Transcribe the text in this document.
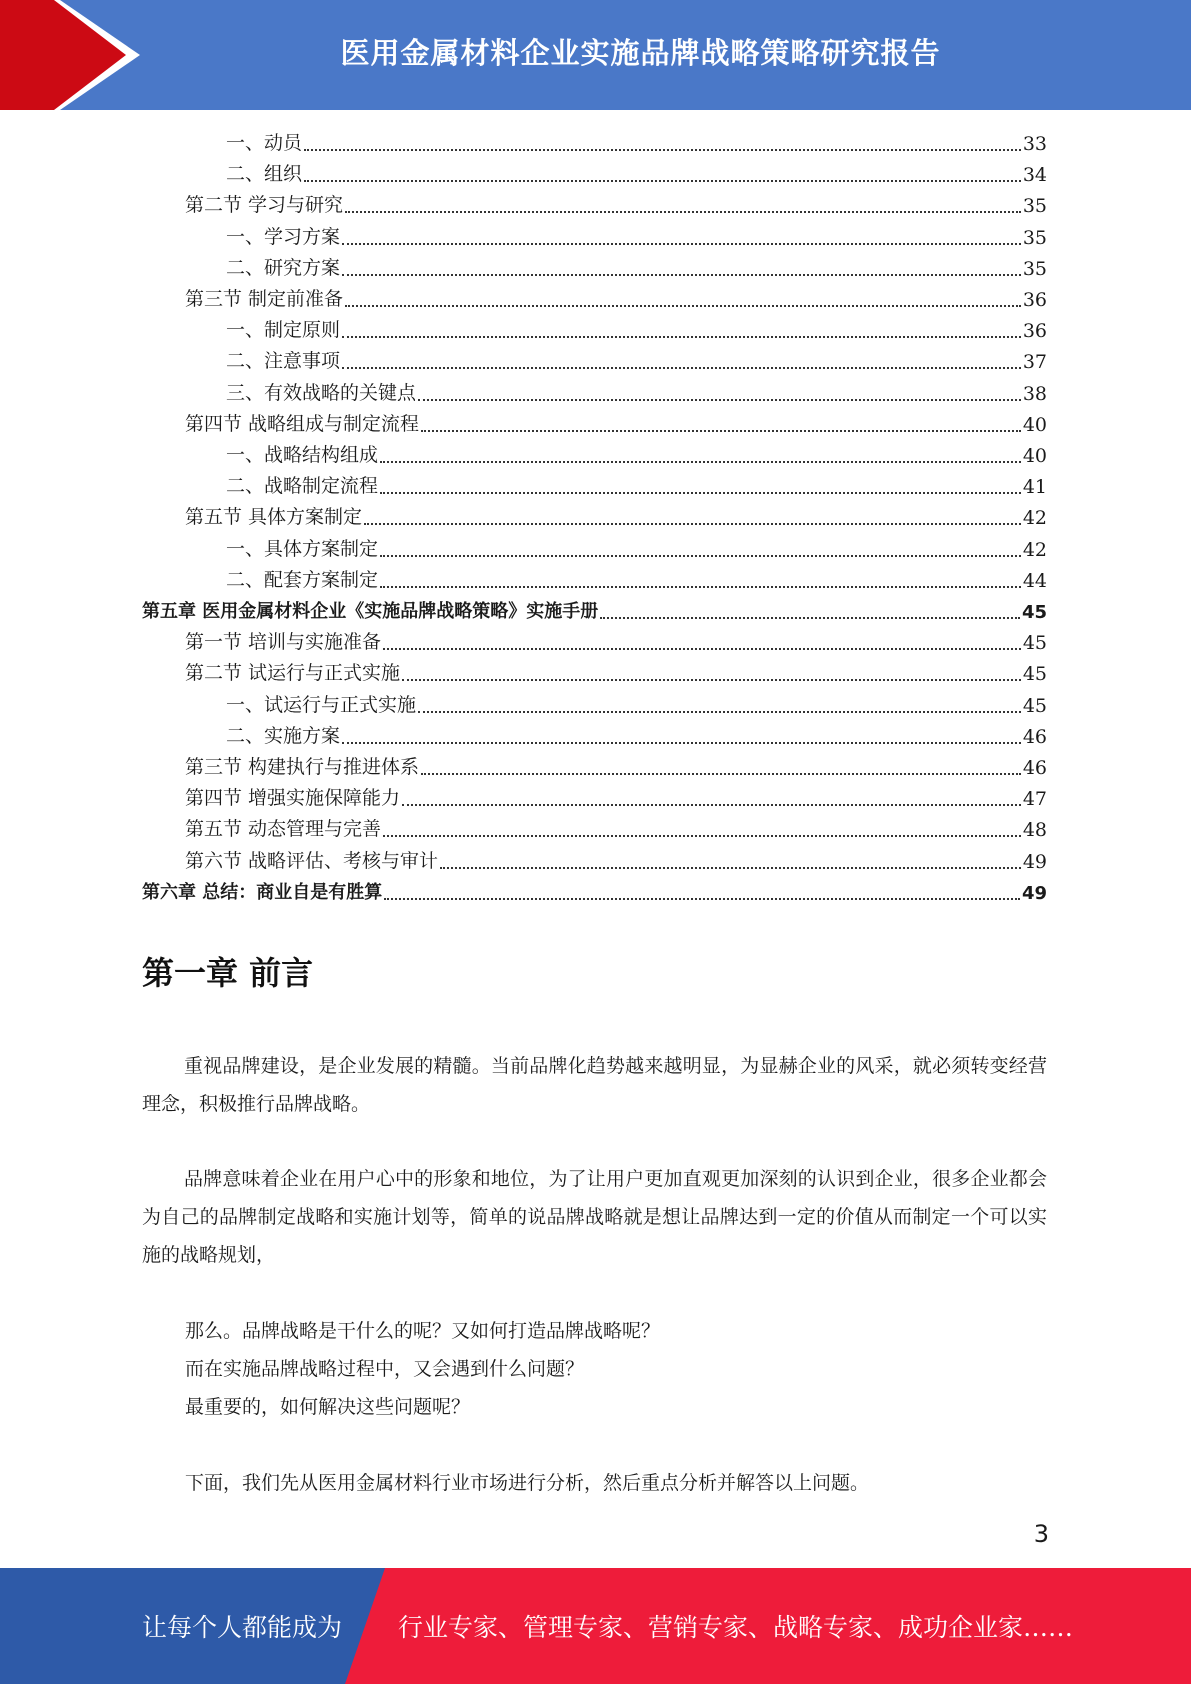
医用金属材料企业实施品牌战略策略研究报告
一、动员	33
二、组织	34
第二节 学习与研究	35
一、学习方案	35
二、研究方案	35
第三节 制定前准备	36
一、制定原则	36
二、注意事项	37
三、有效战略的关键点	38
第四节 战略组成与制定流程	40
一、战略结构组成	40
二、战略制定流程	41
第五节 具体方案制定	42
一、具体方案制定	42
二、配套方案制定	44
第五章 医用金属材料企业《实施品牌战略策略》实施手册	45
第一节 培训与实施准备	45
第二节 试运行与正式实施	45
一、试运行与正式实施	45
二、实施方案	46
第三节 构建执行与推进体系	46
第四节 增强实施保障能力	47
第五节 动态管理与完善	48
第六节 战略评估、考核与审计	49
第六章 总结：商业自是有胜算	49
第一章 前言
重视品牌建设，是企业发展的精髓。当前品牌化趋势越来越明显，为显赫企业的风采，就必须转变经营理念，积极推行品牌战略。
品牌意味着企业在用户心中的形象和地位，为了让用户更加直观更加深刻的认识到企业，很多企业都会为自己的品牌制定战略和实施计划等，简单的说品牌战略就是想让品牌达到一定的价值从而制定一个可以实施的战略规划，
那么。品牌战略是干什么的呢？又如何打造品牌战略呢？
而在实施品牌战略过程中，又会遇到什么问题？
最重要的，如何解决这些问题呢？
下面，我们先从医用金属材料行业市场进行分析，然后重点分析并解答以上问题。
3
让每个人都能成为 行业专家、管理专家、营销专家、战略专家、成功企业家……
